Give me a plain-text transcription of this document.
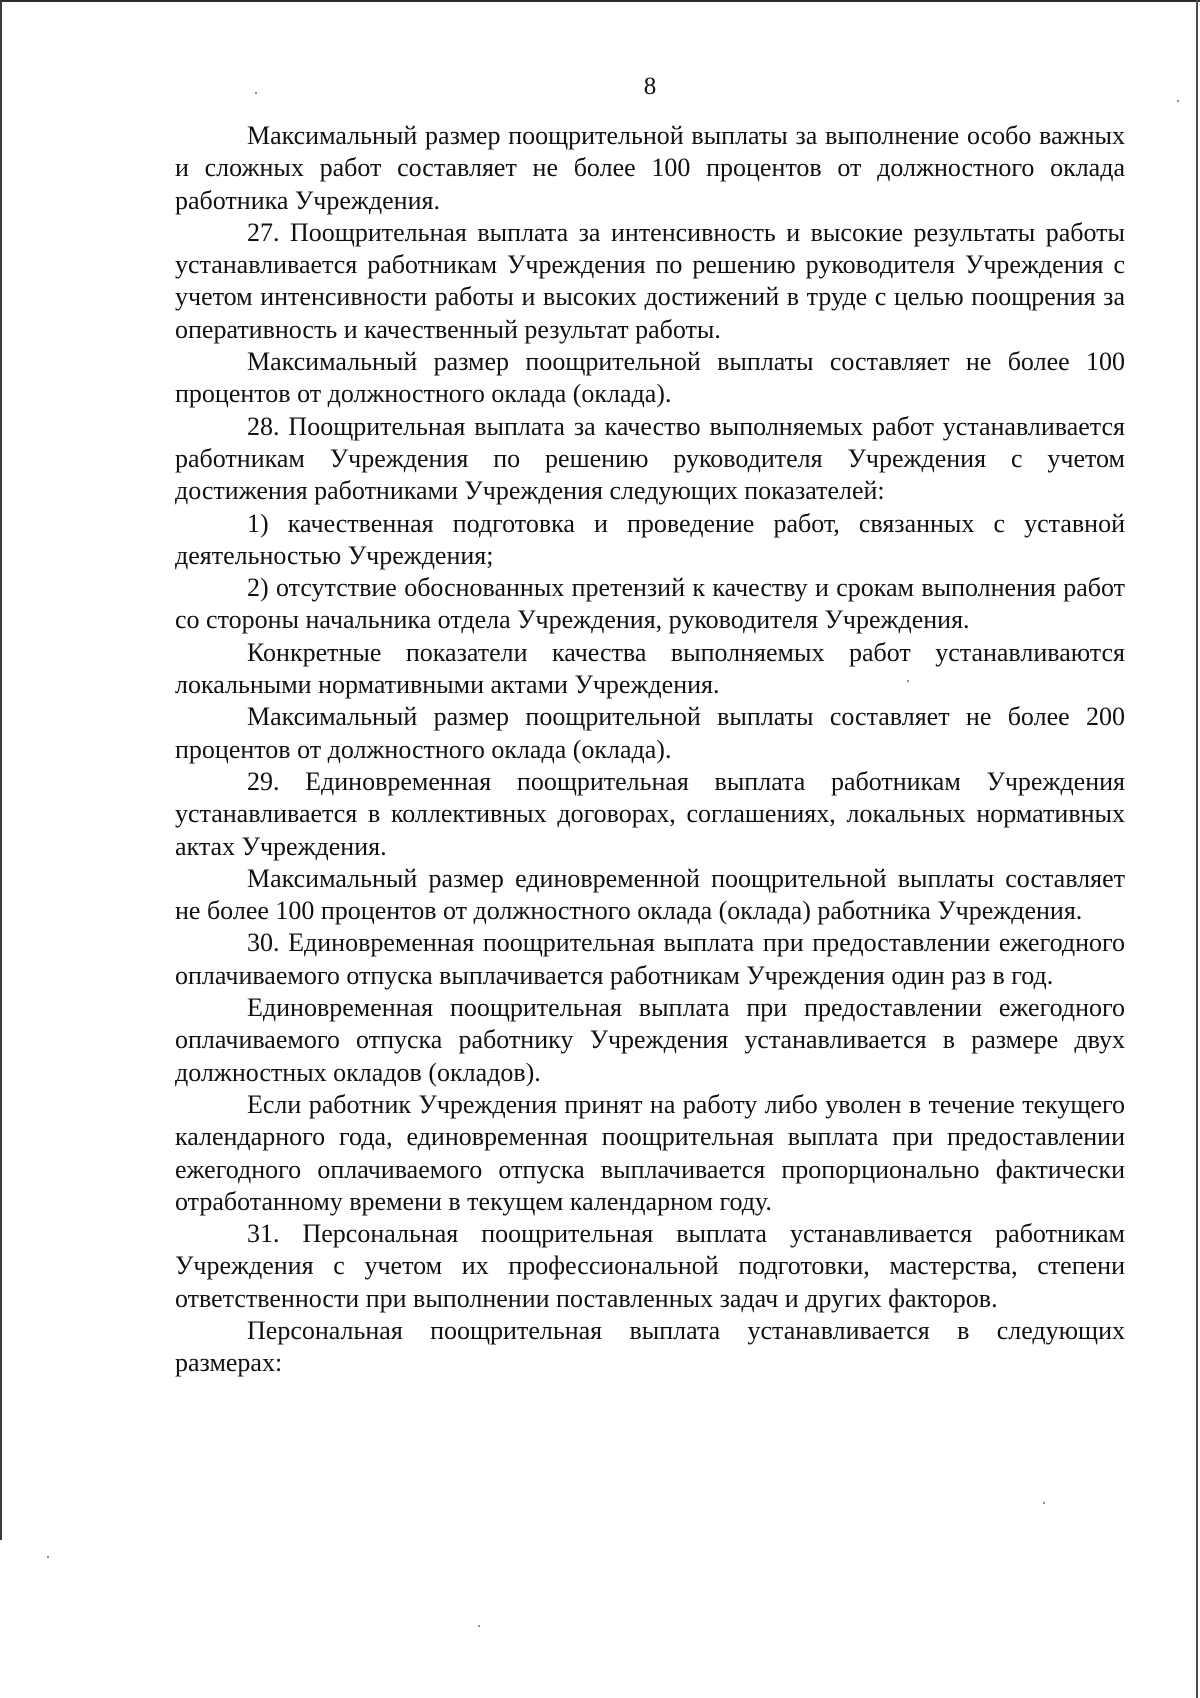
8

Максимальный размер поощрительной выплаты за выполнение особо важных и сложных работ составляет не более 100 процентов от должностного оклада работника Учреждения.

27. Поощрительная выплата за интенсивность и высокие результаты работы устанавливается работникам Учреждения по решению руководителя Учреждения с учетом интенсивности работы и высоких достижений в труде с целью поощрения за оперативность и качественный результат работы.

Максимальный размер поощрительной выплаты составляет не более 100 процентов от должностного оклада (оклада).

28. Поощрительная выплата за качество выполняемых работ устанавливается работникам Учреждения по решению руководителя Учреждения с учетом достижения работниками Учреждения следующих показателей:

1) качественная подготовка и проведение работ, связанных с уставной деятельностью Учреждения;

2) отсутствие обоснованных претензий к качеству и срокам выполнения работ со стороны начальника отдела Учреждения, руководителя Учреждения.

Конкретные показатели качества выполняемых работ устанавливаются локальными нормативными актами Учреждения.

Максимальный размер поощрительной выплаты составляет не более 200 процентов от должностного оклада (оклада).

29. Единовременная поощрительная выплата работникам Учреждения устанавливается в коллективных договорах, соглашениях, локальных нормативных актах Учреждения.

Максимальный размер единовременной поощрительной выплаты составляет не более 100 процентов от должностного оклада (оклада) работника Учреждения.

30. Единовременная поощрительная выплата при предоставлении ежегодного оплачиваемого отпуска выплачивается работникам Учреждения один раз в год.

Единовременная поощрительная выплата при предоставлении ежегодного оплачиваемого отпуска работнику Учреждения устанавливается в размере двух должностных окладов (окладов).

Если работник Учреждения принят на работу либо уволен в течение текущего календарного года, единовременная поощрительная выплата при предоставлении ежегодного оплачиваемого отпуска выплачивается пропорционально фактически отработанному времени в текущем календарном году.

31. Персональная поощрительная выплата устанавливается работникам Учреждения с учетом их профессиональной подготовки, мастерства, степени ответственности при выполнении поставленных задач и других факторов.

Персональная поощрительная выплата устанавливается в следующих размерах:
